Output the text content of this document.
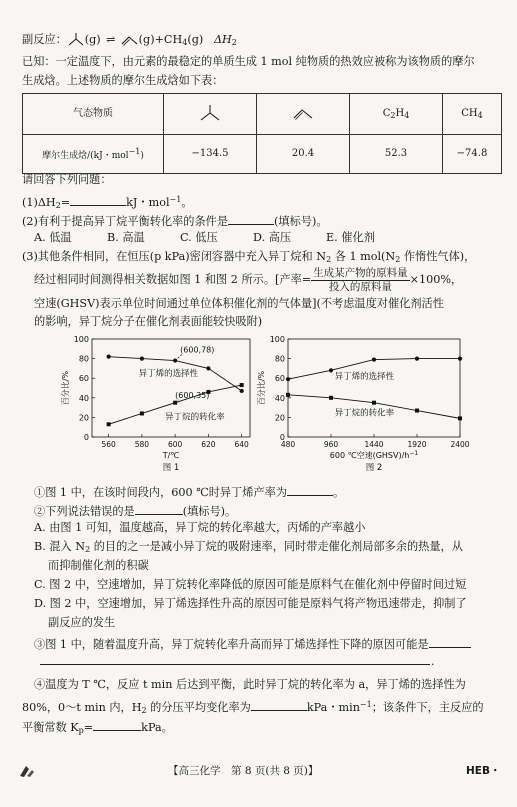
副反应： (g) ⇌ $(g)+CH_4(g)$ $\Delta H_2$
已知：一定温度下，由元素的最稳定的单质生成 1 mol 纯物质的热效应被称为该物质的摩尔
生成焓。上述物质的摩尔生成焓如下表：
气态物质			$C_2H_4$	$CH_4$
摩尔生成焓/(kJ・mol−1)	−134.5	20.4	52.3	−74.8
请回答下列问题：
$(1)\Delta H_2=$	kJ・mol$^{-1}$。
(2)有利于提高异丁烷平衡转化率的条件是	(填标号)。
A. 低温	B. 高温	C. 低压	D. 高压	E. 催化剂
(3)其他条件相同，在恒压(p kPa)密闭容器中充入异丁烷和 $N_2$ 各 1 $mol(N_2$ 作惰性气体)，
经过相同时间测得相关数据如图 1 和图 2 所示。[产率= $\frac{\text{生成某产物的原料量}}{\text{投入的原料量}} \times 100\%$，
空速(GHSV)表示单位时间通过单位体积催化剂的气体量](不考虑温度对催化剂活性
的影响，异丁烷分子在催化剂表面能较快吸附)
0
20
40
60
80
100
560	580	600	620	640
百分比/%
T/℃
图 1
异丁烯的选择性
异丁烷的转化率
(600,78)
(600,35)
0
20
40
60
80
100
480	960	1440	1920	2400
百分比/%
600 ℃空速$(GHSV)/h^{-1}$
图 2
异丁烯的选择性
异丁烷的转化率
①图 1 中，在该时间段内，600 ℃时异丁烯产率为	。
②下列说法错误的是	(填标号)。
A. 由图 1 可知，温度越高，异丁烷的转化率越大，丙烯的产率越小
B. 混入 $N_2$ 的目的之一是减小异丁烷的吸附速率，同时带走催化剂局部多余的热量，从
而抑制催化剂的积碳
C. 图 2 中，空速增加，异丁烷转化率降低的原因可能是原料气在催化剂中停留时间过短
D. 图 2 中，空速增加，异丁烯选择性升高的原因可能是原料气将产物迅速带走，抑制了
副反应的发生
③图 1 中，随着温度升高，异丁烷转化率升高而异丁烯选择性下降的原因可能是
.
④温度为 T ℃，反应 t min 后达到平衡，此时异丁烷的转化率为 a，异丁烯的选择性为
80%，0～t min 内，$H_2$ 的分压平均变化率为	kPa・$\min^{-1}$；该条件下，主反应的
平衡常数 $K_p=$	kPa。
【高三化学　第 8 页(共 8 页)】	HEB・
